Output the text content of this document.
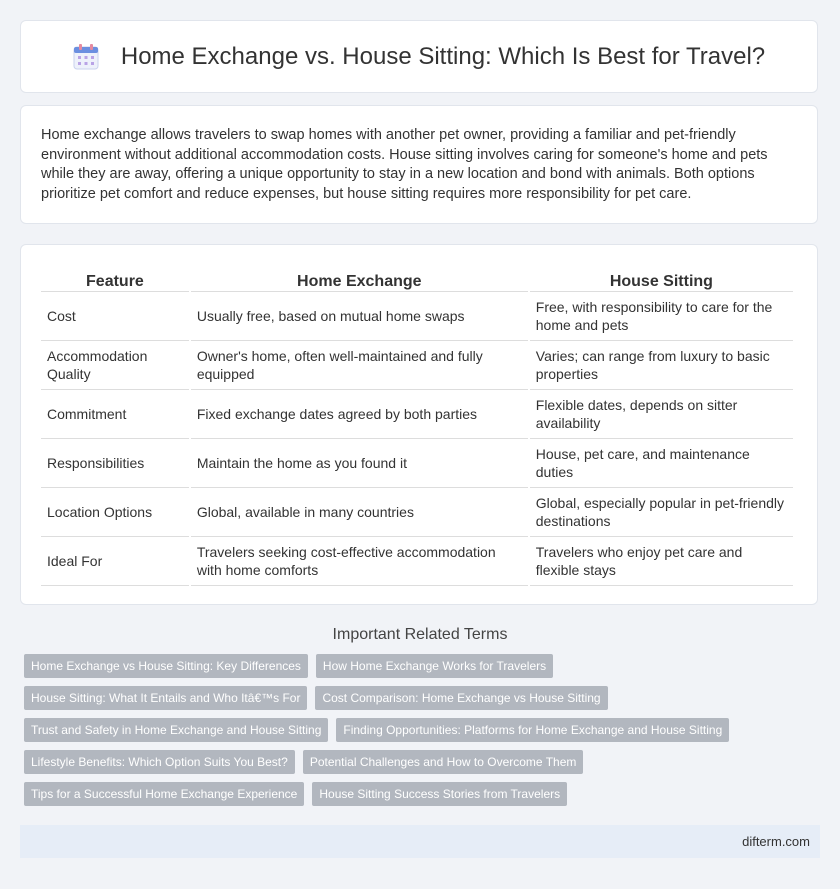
Home Exchange vs. House Sitting: Which Is Best for Travel?

Home exchange allows travelers to swap homes with another pet owner, providing a familiar and pet-friendly environment without additional accommodation costs. House sitting involves caring for someone's home and pets while they are away, offering a unique opportunity to stay in a new location and bond with animals. Both options prioritize pet comfort and reduce expenses, but house sitting requires more responsibility for pet care.

Feature	Home Exchange	House Sitting
Cost	Usually free, based on mutual home swaps	Free, with responsibility to care for the home and pets
Accommodation Quality	Owner's home, often well-maintained and fully equipped	Varies; can range from luxury to basic properties
Commitment	Fixed exchange dates agreed by both parties	Flexible dates, depends on sitter availability
Responsibilities	Maintain the home as you found it	House, pet care, and maintenance duties
Location Options	Global, available in many countries	Global, especially popular in pet-friendly destinations
Ideal For	Travelers seeking cost-effective accommodation with home comforts	Travelers who enjoy pet care and flexible stays
Important Related Terms
Home Exchange vs House Sitting: Key Differences	How Home Exchange Works for Travelers
House Sitting: What It Entails and Who Itâ€™s For	Cost Comparison: Home Exchange vs House Sitting
Trust and Safety in Home Exchange and House Sitting	Finding Opportunities: Platforms for Home Exchange and House Sitting
Lifestyle Benefits: Which Option Suits You Best?	Potential Challenges and How to Overcome Them
Tips for a Successful Home Exchange Experience	House Sitting Success Stories from Travelers
difterm.com
